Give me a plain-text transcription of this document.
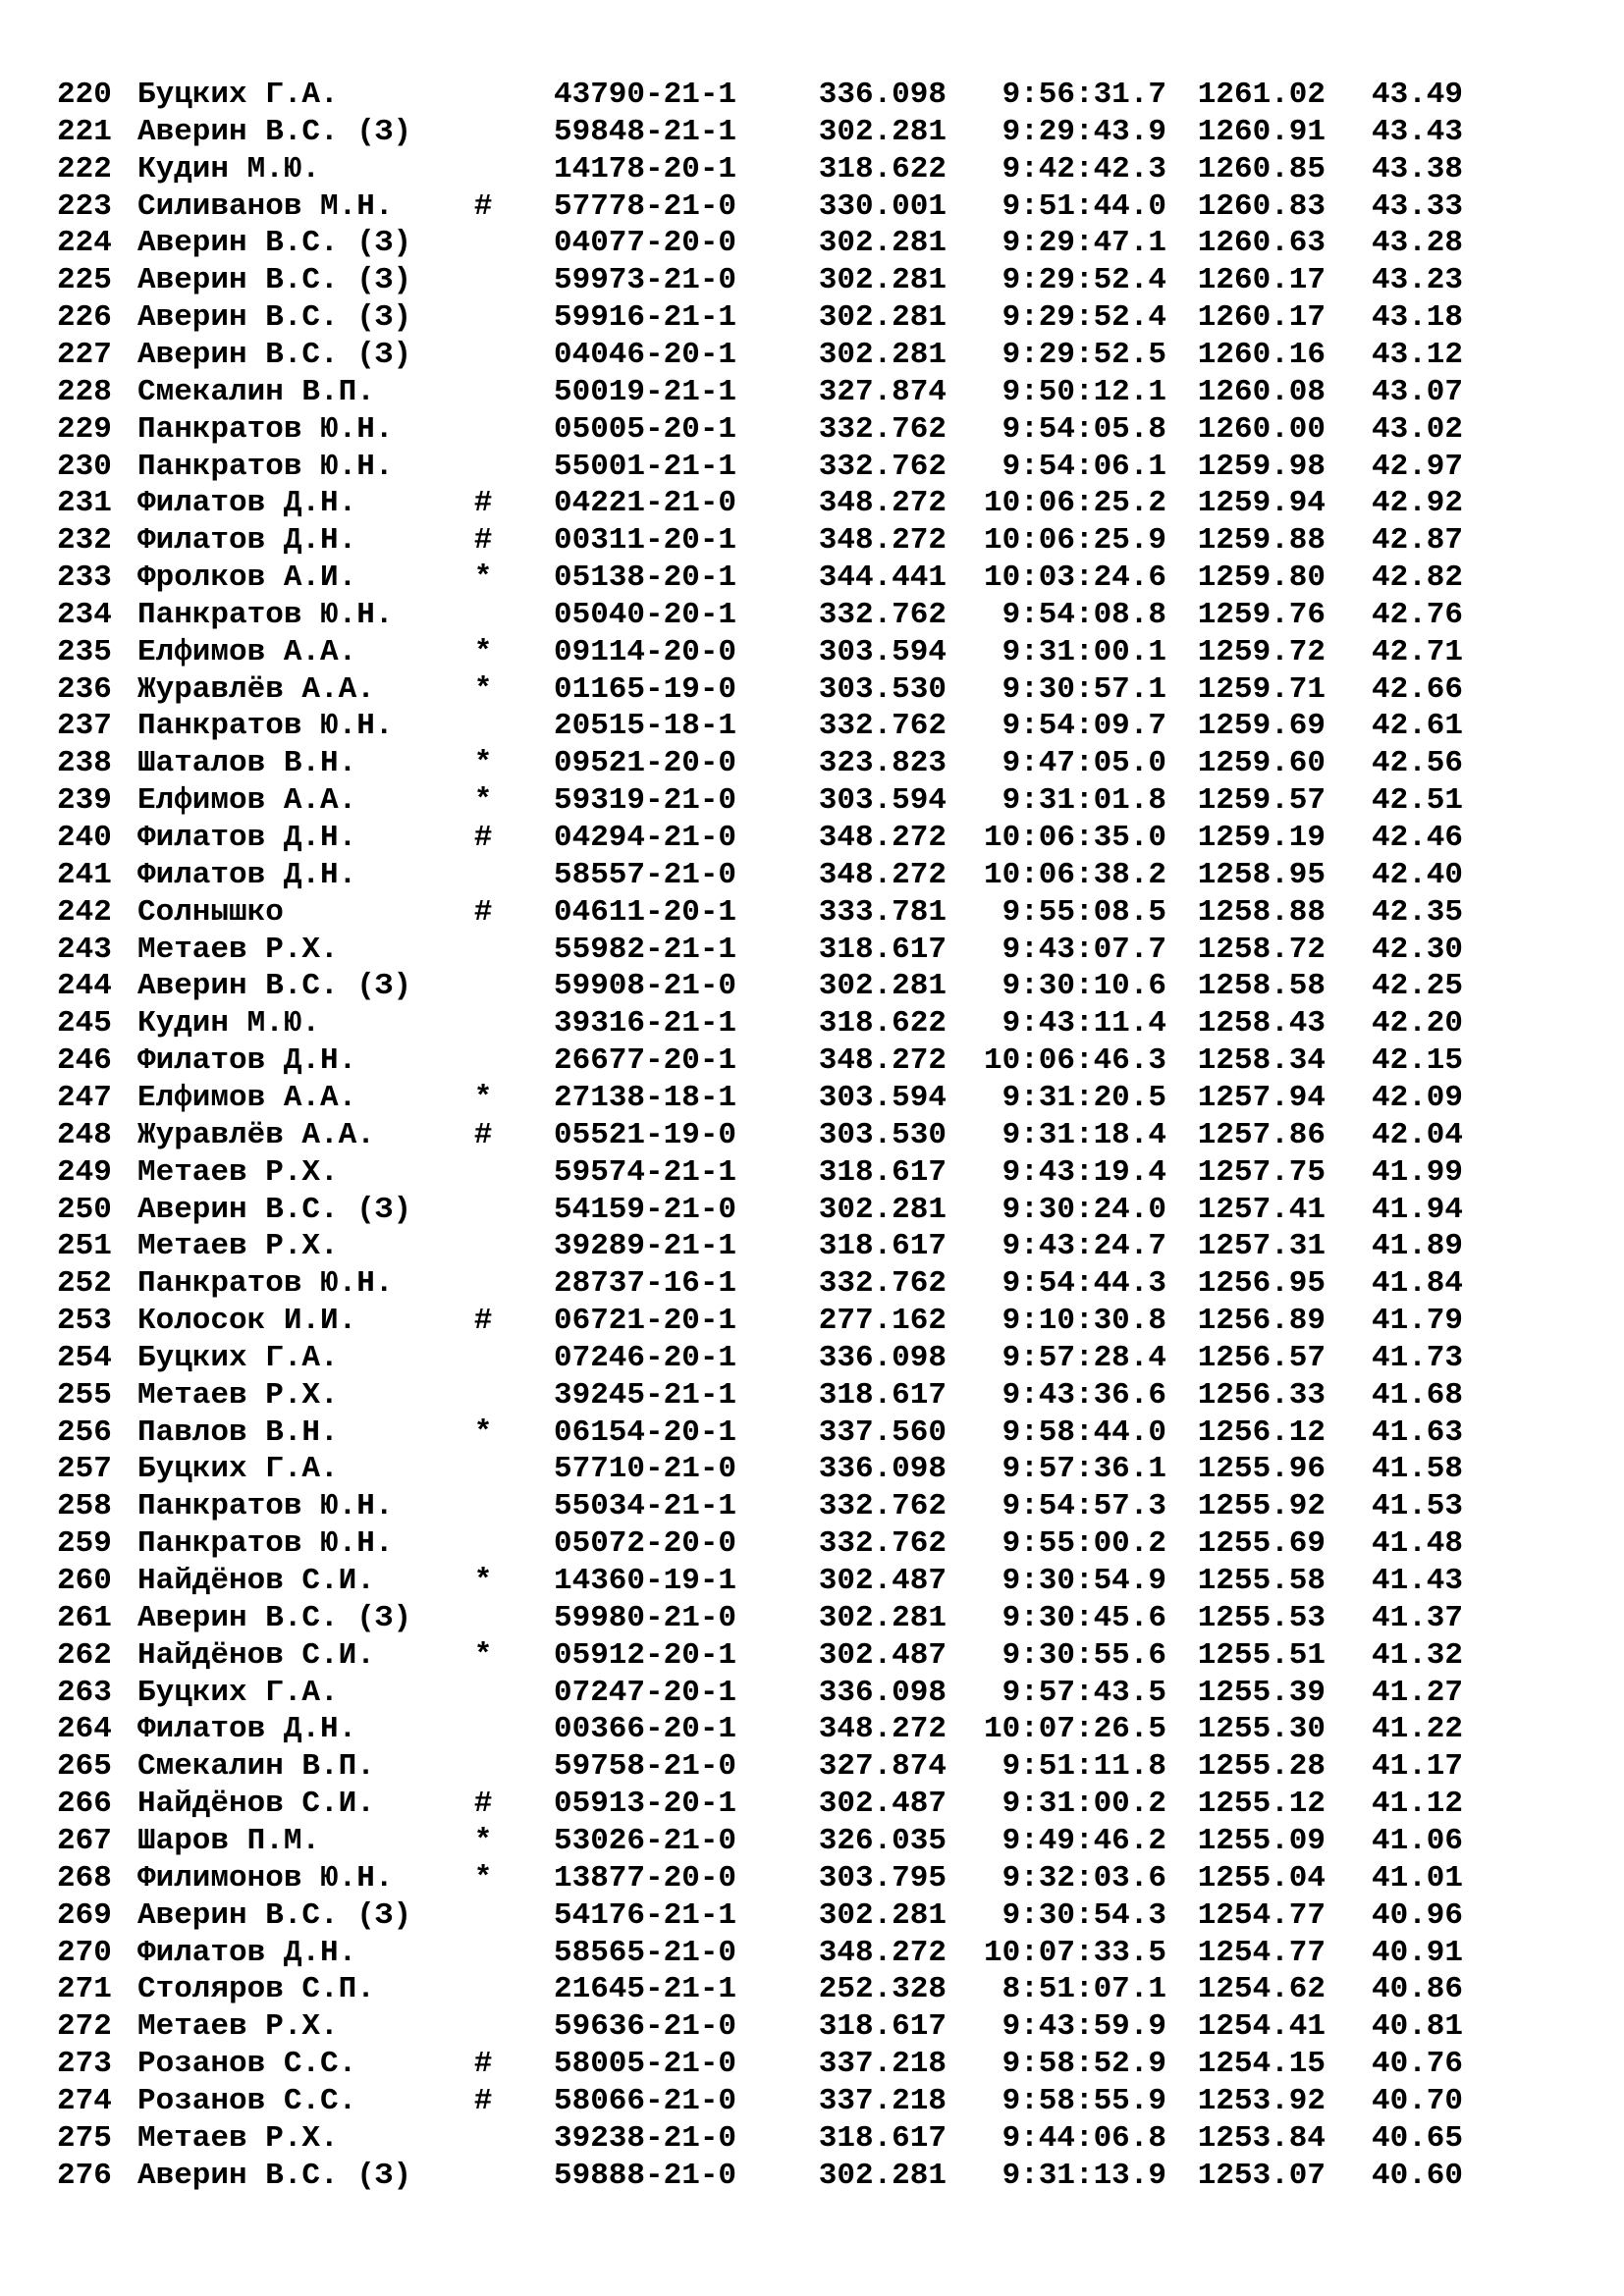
220 Буцких Г.А.	43790-21-1	336.098	9:56:31.7	1261.02	43.49
221 Аверин В.С. (З)	59848-21-1	302.281	9:29:43.9	1260.91	43.43
222 Кудин М.Ю.	14178-20-1	318.622	9:42:42.3	1260.85	43.38
223 Силиванов М.Н.	# 57778-21-0	330.001	9:51:44.0	1260.83	43.33
224 Аверин В.С. (З)	04077-20-0	302.281	9:29:47.1	1260.63	43.28
225 Аверин В.С. (З)	59973-21-0	302.281	9:29:52.4	1260.17	43.23
226 Аверин В.С. (З)	59916-21-1	302.281	9:29:52.4	1260.17	43.18
227 Аверин В.С. (З)	04046-20-1	302.281	9:29:52.5	1260.16	43.12
228 Смекалин В.П.	50019-21-1	327.874	9:50:12.1	1260.08	43.07
229 Панкратов Ю.Н.	05005-20-1	332.762	9:54:05.8	1260.00	43.02
230 Панкратов Ю.Н.	55001-21-1	332.762	9:54:06.1	1259.98	42.97
231 Филатов Д.Н.	# 04221-21-0	348.272	10:06:25.2	1259.94	42.92
232 Филатов Д.Н.	# 00311-20-1	348.272	10:06:25.9	1259.88	42.87
233 Фролков А.И.	* 05138-20-1	344.441	10:03:24.6	1259.80	42.82
234 Панкратов Ю.Н.	05040-20-1	332.762	9:54:08.8	1259.76	42.76
235 Елфимов А.А.	* 09114-20-0	303.594	9:31:00.1	1259.72	42.71
236 Журавлёв А.А.	* 01165-19-0	303.530	9:30:57.1	1259.71	42.66
237 Панкратов Ю.Н.	20515-18-1	332.762	9:54:09.7	1259.69	42.61
238 Шаталов В.Н.	* 09521-20-0	323.823	9:47:05.0	1259.60	42.56
239 Елфимов А.А.	* 59319-21-0	303.594	9:31:01.8	1259.57	42.51
240 Филатов Д.Н.	# 04294-21-0	348.272	10:06:35.0	1259.19	42.46
241 Филатов Д.Н.	58557-21-0	348.272	10:06:38.2	1258.95	42.40
242 Солнышко	# 04611-20-1	333.781	9:55:08.5	1258.88	42.35
243 Метаев Р.Х.	55982-21-1	318.617	9:43:07.7	1258.72	42.30
244 Аверин В.С. (З)	59908-21-0	302.281	9:30:10.6	1258.58	42.25
245 Кудин М.Ю.	39316-21-1	318.622	9:43:11.4	1258.43	42.20
246 Филатов Д.Н.	26677-20-1	348.272	10:06:46.3	1258.34	42.15
247 Елфимов А.А.	* 27138-18-1	303.594	9:31:20.5	1257.94	42.09
248 Журавлёв А.А.	# 05521-19-0	303.530	9:31:18.4	1257.86	42.04
249 Метаев Р.Х.	59574-21-1	318.617	9:43:19.4	1257.75	41.99
250 Аверин В.С. (З)	54159-21-0	302.281	9:30:24.0	1257.41	41.94
251 Метаев Р.Х.	39289-21-1	318.617	9:43:24.7	1257.31	41.89
252 Панкратов Ю.Н.	28737-16-1	332.762	9:54:44.3	1256.95	41.84
253 Колосок И.И.	# 06721-20-1	277.162	9:10:30.8	1256.89	41.79
254 Буцких Г.А.	07246-20-1	336.098	9:57:28.4	1256.57	41.73
255 Метаев Р.Х.	39245-21-1	318.617	9:43:36.6	1256.33	41.68
256 Павлов В.Н.	* 06154-20-1	337.560	9:58:44.0	1256.12	41.63
257 Буцких Г.А.	57710-21-0	336.098	9:57:36.1	1255.96	41.58
258 Панкратов Ю.Н.	55034-21-1	332.762	9:54:57.3	1255.92	41.53
259 Панкратов Ю.Н.	05072-20-0	332.762	9:55:00.2	1255.69	41.48
260 Найдёнов С.И.	* 14360-19-1	302.487	9:30:54.9	1255.58	41.43
261 Аверин В.С. (З)	59980-21-0	302.281	9:30:45.6	1255.53	41.37
262 Найдёнов С.И.	* 05912-20-1	302.487	9:30:55.6	1255.51	41.32
263 Буцких Г.А.	07247-20-1	336.098	9:57:43.5	1255.39	41.27
264 Филатов Д.Н.	00366-20-1	348.272	10:07:26.5	1255.30	41.22
265 Смекалин В.П.	59758-21-0	327.874	9:51:11.8	1255.28	41.17
266 Найдёнов С.И.	# 05913-20-1	302.487	9:31:00.2	1255.12	41.12
267 Шаров П.М.	* 53026-21-0	326.035	9:49:46.2	1255.09	41.06
268 Филимонов Ю.Н.	* 13877-20-0	303.795	9:32:03.6	1255.04	41.01
269 Аверин В.С. (З)	54176-21-1	302.281	9:30:54.3	1254.77	40.96
270 Филатов Д.Н.	58565-21-0	348.272	10:07:33.5	1254.77	40.91
271 Столяров С.П.	21645-21-1	252.328	8:51:07.1	1254.62	40.86
272 Метаев Р.Х.	59636-21-0	318.617	9:43:59.9	1254.41	40.81
273 Розанов С.С.	# 58005-21-0	337.218	9:58:52.9	1254.15	40.76
274 Розанов С.С.	# 58066-21-0	337.218	9:58:55.9	1253.92	40.70
275 Метаев Р.Х.	39238-21-0	318.617	9:44:06.8	1253.84	40.65
276 Аверин В.С. (З)	59888-21-0	302.281	9:31:13.9	1253.07	40.60
